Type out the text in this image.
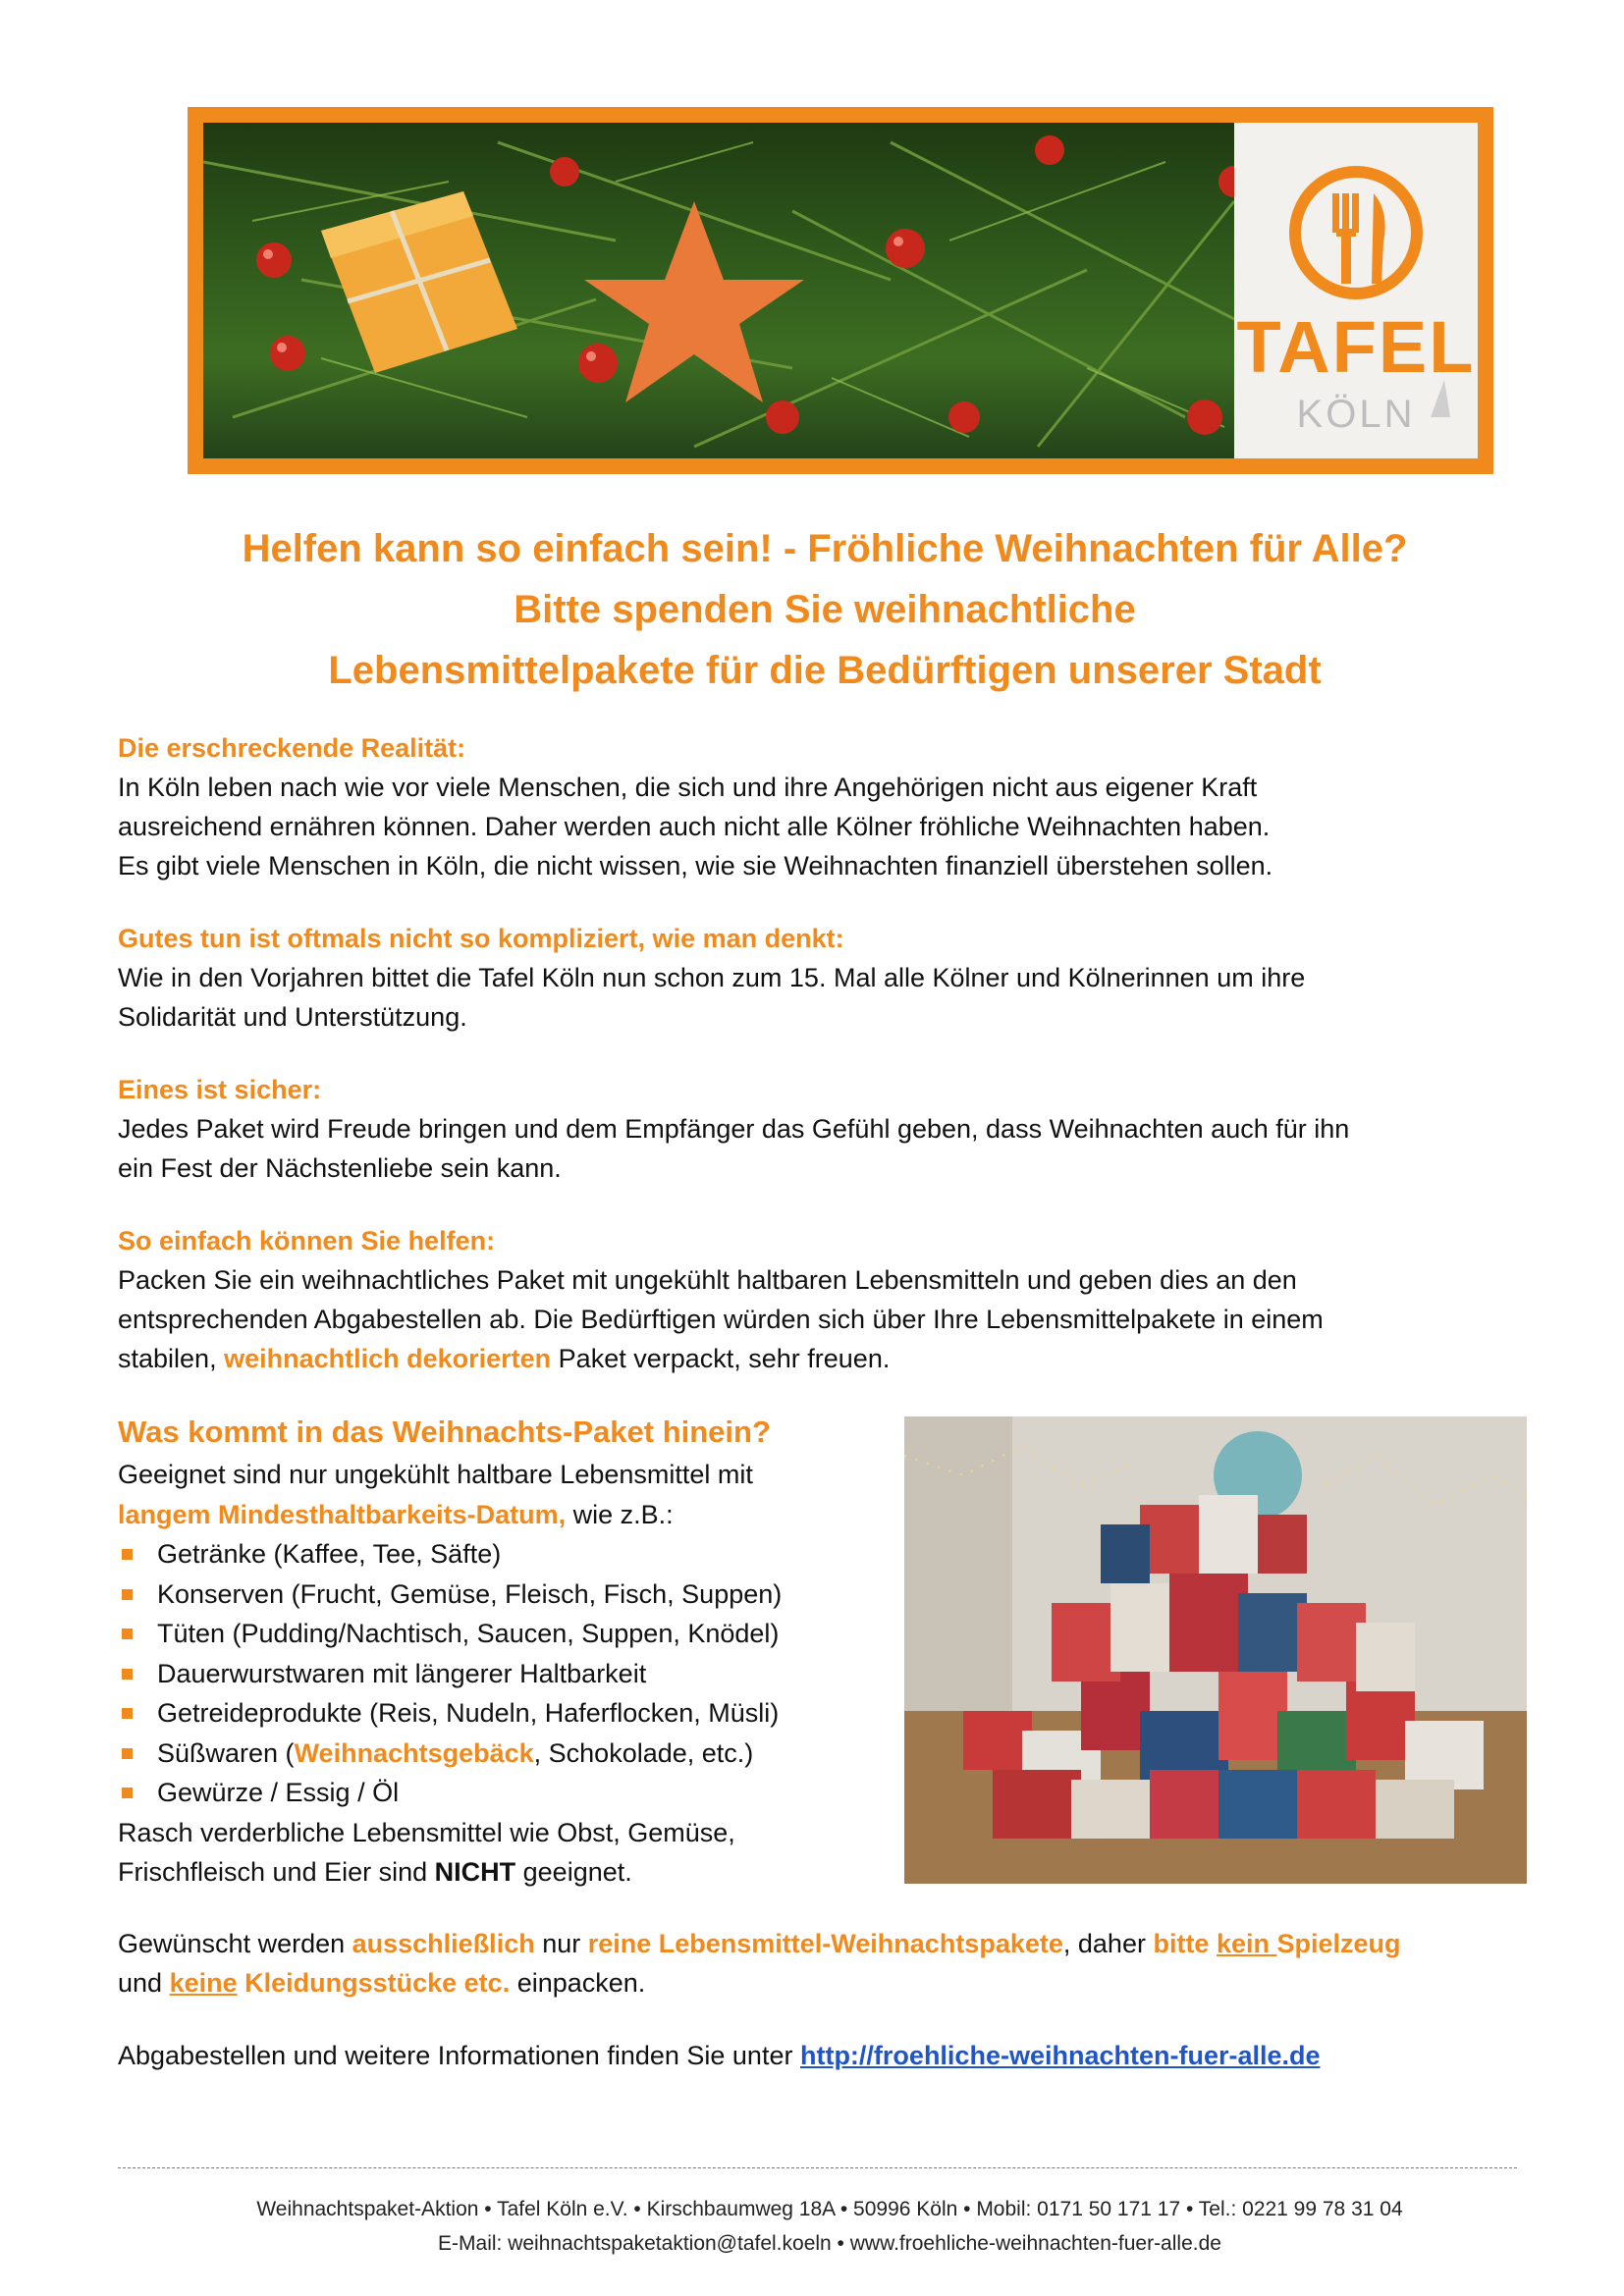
TAFEL
KÖLN
Helfen kann so einfach sein! - Fröhliche Weihnachten für Alle?
Bitte spenden Sie weihnachtliche
Lebensmittelpakete für die Bedürftigen unserer Stadt
Die erschreckende Realität:
In Köln leben nach wie vor viele Menschen, die sich und ihre Angehörigen nicht aus eigener Kraft
ausreichend ernähren können. Daher werden auch nicht alle Kölner fröhliche Weihnachten haben.
Es gibt viele Menschen in Köln, die nicht wissen, wie sie Weihnachten finanziell überstehen sollen.
Gutes tun ist oftmals nicht so kompliziert, wie man denkt:
Wie in den Vorjahren bittet die Tafel Köln nun schon zum 15. Mal alle Kölner und Kölnerinnen um ihre
Solidarität und Unterstützung.
Eines ist sicher:
Jedes Paket wird Freude bringen und dem Empfänger das Gefühl geben, dass Weihnachten auch für ihn
ein Fest der Nächstenliebe sein kann.
So einfach können Sie helfen:
Packen Sie ein weihnachtliches Paket mit ungekühlt haltbaren Lebensmitteln und geben dies an den
entsprechenden Abgabestellen ab. Die Bedürftigen würden sich über Ihre Lebensmittelpakete in einem
stabilen, weihnachtlich dekorierten Paket verpackt, sehr freuen.
Was kommt in das Weihnachts-Paket hinein?
Geeignet sind nur ungekühlt haltbare Lebensmittel mit
langem Mindesthaltbarkeits-Datum, wie z.B.:
Getränke (Kaffee, Tee, Säfte)
Konserven (Frucht, Gemüse, Fleisch, Fisch, Suppen)
Tüten (Pudding/Nachtisch, Saucen, Suppen, Knödel)
Dauerwurstwaren mit längerer Haltbarkeit
Getreideprodukte (Reis, Nudeln, Haferflocken, Müsli)
Süßwaren (Weihnachtsgebäck, Schokolade, etc.)
Gewürze / Essig / Öl
Rasch verderbliche Lebensmittel wie Obst, Gemüse,
Frischfleisch und Eier sind NICHT geeignet.
Gewünscht werden ausschließlich nur reine Lebensmittel-Weihnachtspakete, daher bitte kein Spielzeug
und keine Kleidungsstücke etc. einpacken.
Abgabestellen und weitere Informationen finden Sie unter http://froehliche-weihnachten-fuer-alle.de
Weihnachtspaket-Aktion • Tafel Köln e.V. • Kirschbaumweg 18A • 50996 Köln • Mobil: 0171 50 171 17 • Tel.: 0221 99 78 31 04
E-Mail: weihnachtspaketaktion@tafel.koeln • www.froehliche-weihnachten-fuer-alle.de
